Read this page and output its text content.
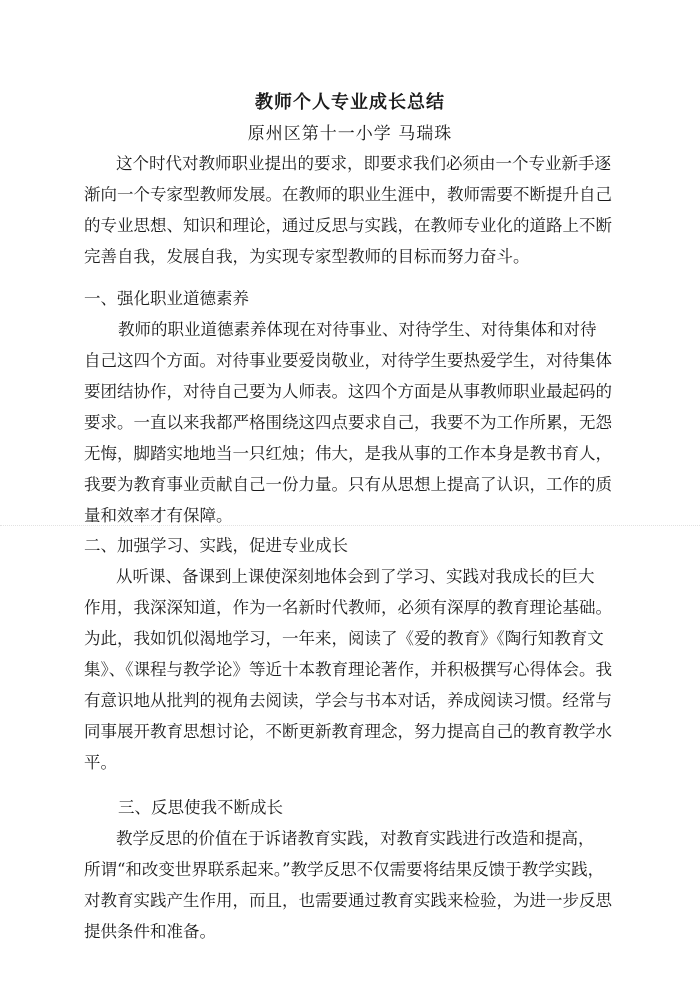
教师个人专业成长总结
原州区第十一小学 马瑞珠
这个时代对教师职业提出的要求，即要求我们必须由一个专业新手逐
渐向一个专家型教师发展。在教师的职业生涯中，教师需要不断提升自己
的专业思想、知识和理论，通过反思与实践，在教师专业化的道路上不断
完善自我，发展自我，为实现专家型教师的目标而努力奋斗。
一、强化职业道德素养
教师的职业道德素养体现在对待事业、对待学生、对待集体和对待
自己这四个方面。对待事业要爱岗敬业，对待学生要热爱学生，对待集体
要团结协作，对待自己要为人师表。这四个方面是从事教师职业最起码的
要求。一直以来我都严格围绕这四点要求自己，我要不为工作所累，无怨
无悔，脚踏实地地当一只红烛；伟大，是我从事的工作本身是教书育人，
我要为教育事业贡献自己一份力量。只有从思想上提高了认识，工作的质
量和效率才有保障。
二、加强学习、实践，促进专业成长
从听课、备课到上课使深刻地体会到了学习、实践对我成长的巨大
作用，我深深知道，作为一名新时代教师，必须有深厚的教育理论基础。
为此，我如饥似渴地学习，一年来，阅读了《爱的教育》《陶行知教育文
集》、《课程与教学论》等近十本教育理论著作，并积极撰写心得体会。我
有意识地从批判的视角去阅读，学会与书本对话，养成阅读习惯。经常与
同事展开教育思想讨论，不断更新教育理念，努力提高自己的教育教学水
平。
三、反思使我不断成长
教学反思的价值在于诉诸教育实践，对教育实践进行改造和提高，
所谓“和改变世界联系起来。”教学反思不仅需要将结果反馈于教学实践，
对教育实践产生作用，而且，也需要通过教育实践来检验，为进一步反思
提供条件和准备。
